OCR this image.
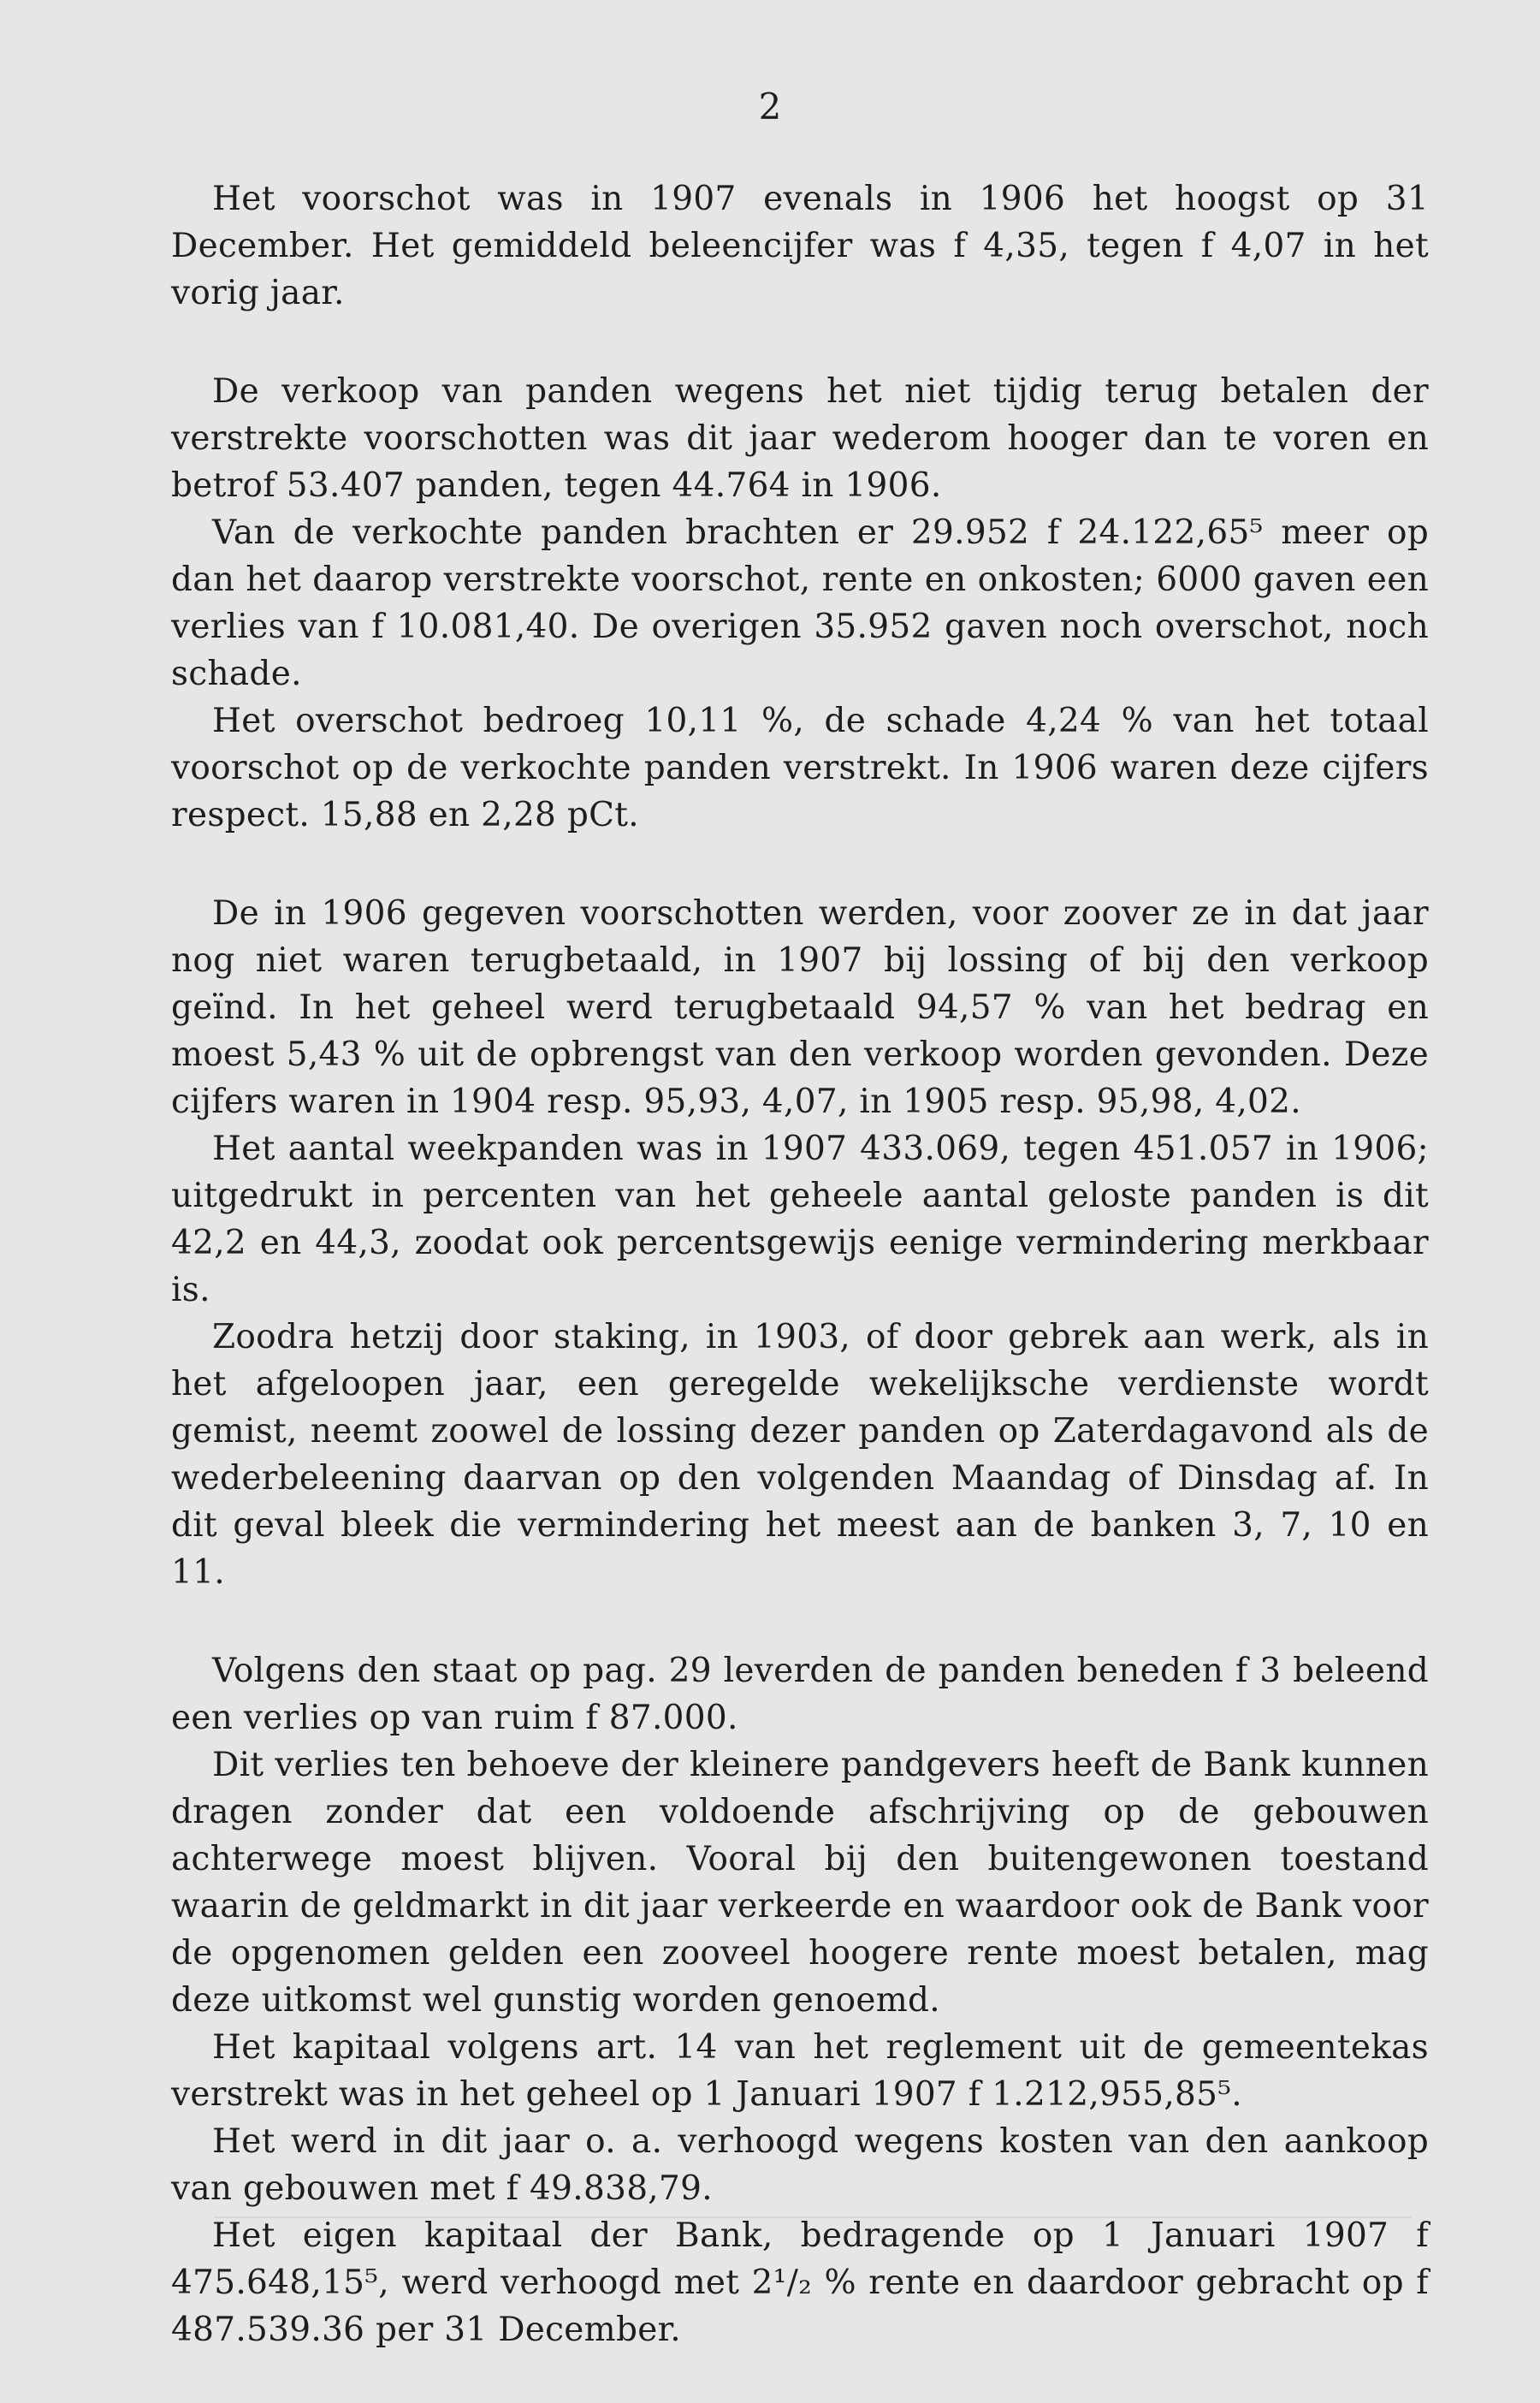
2

Het voorschot was in 1907 evenals in 1906 het hoogst op 31 December. Het gemiddeld beleencijfer was f 4,35, tegen f 4,07 in het vorig jaar.

De verkoop van panden wegens het niet tijdig terug betalen der verstrekte voorschotten was dit jaar wederom hooger dan te voren en betrof 53.407 panden, tegen 44.764 in 1906.

Van de verkochte panden brachten er 29.952 f 24.122,65⁵ meer op dan het daarop verstrekte voorschot, rente en onkosten; 6000 gaven een verlies van f 10.081,40. De overigen 35.952 gaven noch overschot, noch schade.

Het overschot bedroeg 10,11 %, de schade 4,24 % van het totaal voorschot op de verkochte panden verstrekt. In 1906 waren deze cijfers respect. 15,88 en 2,28 pCt.

De in 1906 gegeven voorschotten werden, voor zoover ze in dat jaar nog niet waren terugbetaald, in 1907 bij lossing of bij den verkoop geïnd. In het geheel werd terugbetaald 94,57 % van het bedrag en moest 5,43 % uit de opbrengst van den verkoop worden gevonden. Deze cijfers waren in 1904 resp. 95,93, 4,07, in 1905 resp. 95,98, 4,02.

Het aantal weekpanden was in 1907 433.069, tegen 451.057 in 1906; uitgedrukt in percenten van het geheele aantal geloste panden is dit 42,2 en 44,3, zoodat ook percentsgewijs eenige vermindering merkbaar is.

Zoodra hetzij door staking, in 1903, of door gebrek aan werk, als in het afgeloopen jaar, een geregelde wekelijksche verdienste wordt gemist, neemt zoowel de lossing dezer panden op Zaterdagavond als de wederbeleening daarvan op den volgenden Maandag of Dinsdag af. In dit geval bleek die vermindering het meest aan de banken 3, 7, 10 en 11.

Volgens den staat op pag. 29 leverden de panden beneden f 3 beleend een verlies op van ruim f 87.000.

Dit verlies ten behoeve der kleinere pandgevers heeft de Bank kunnen dragen zonder dat een voldoende afschrijving op de gebouwen achterwege moest blijven. Vooral bij den buitengewonen toestand waarin de geldmarkt in dit jaar verkeerde en waardoor ook de Bank voor de opgenomen gelden een zooveel hoogere rente moest betalen, mag deze uitkomst wel gunstig worden genoemd.

Het kapitaal volgens art. 14 van het reglement uit de gemeentekas verstrekt was in het geheel op 1 Januari 1907 f 1.212,955,85⁵.

Het werd in dit jaar o. a. verhoogd wegens kosten van den aankoop van gebouwen met f 49.838,79.

Het eigen kapitaal der Bank, bedragende op 1 Januari 1907 f 475.648,15⁵, werd verhoogd met 2¹/₂ % rente en daardoor gebracht op f 487.539.36 per 31 December.
